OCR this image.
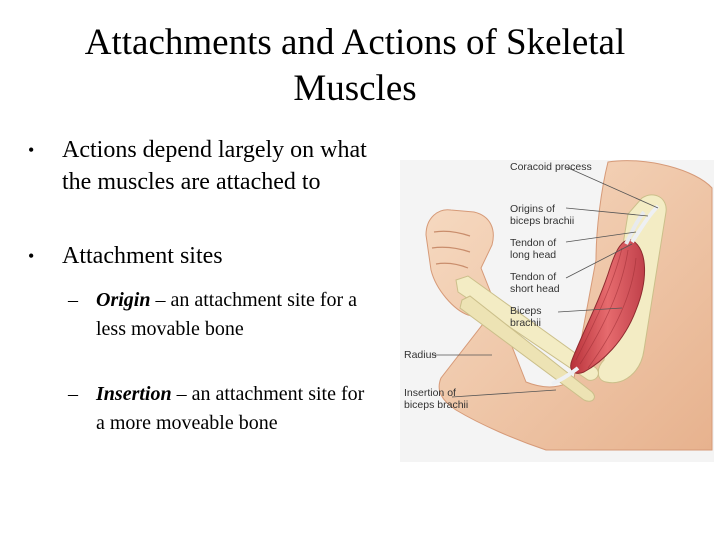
Attachments and Actions of Skeletal Muscles
• Actions depend largely on what the muscles are attached to
• Attachment sites
– Origin – an attachment site for a less movable bone
– Insertion – an attachment site for a more moveable bone
Coracoid process
Origins of
biceps brachii
Tendon of
long head
Tendon of
short head
Biceps
brachii
Radius
Insertion of
biceps brachii
